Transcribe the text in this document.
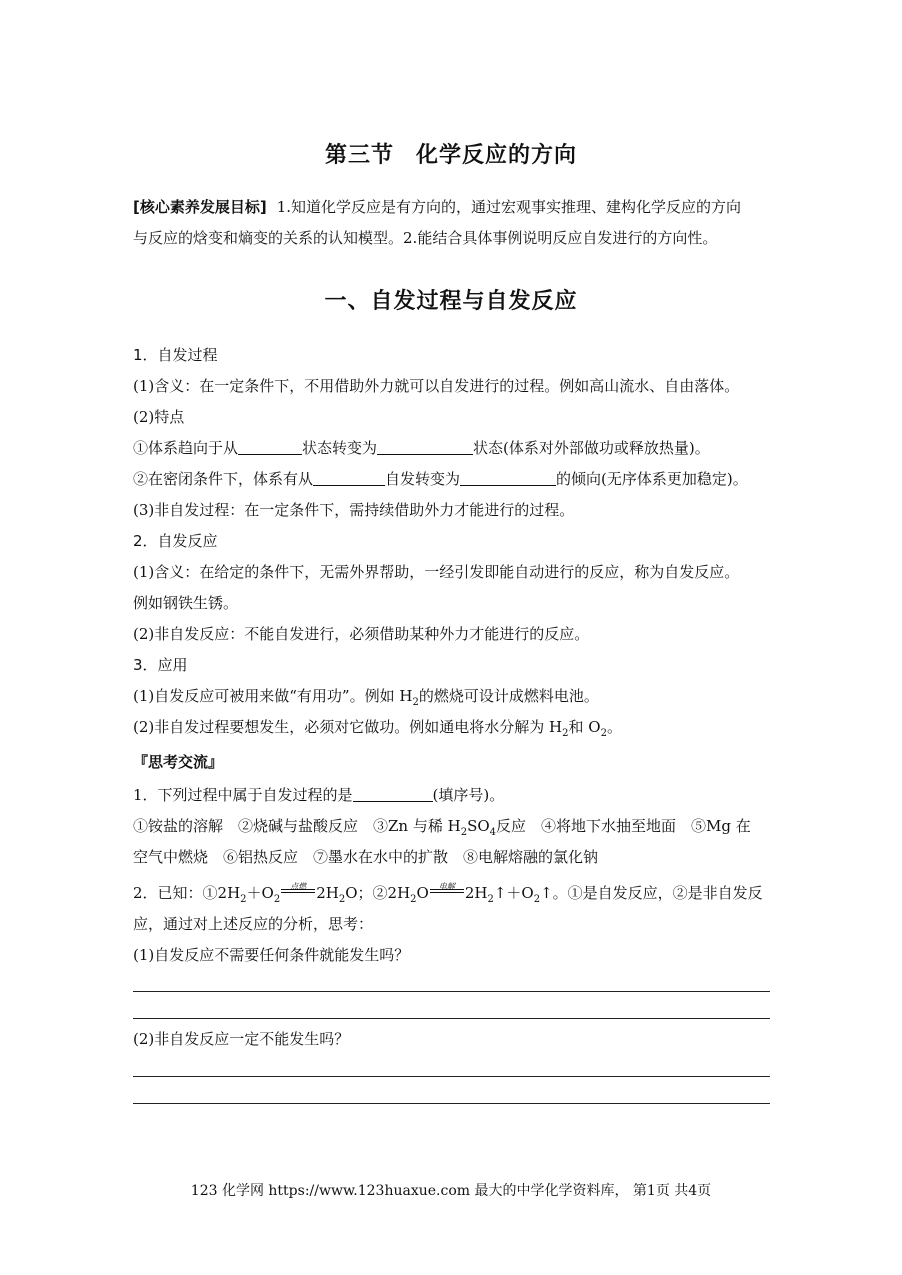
第三节 化学反应的方向
[核心素养发展目标] 1.知道化学反应是有方向的，通过宏观事实推理、建构化学反应的方向
与反应的焓变和熵变的关系的认知模型。2.能结合具体事例说明反应自发进行的方向性。
一、自发过程与自发反应
1．自发过程
(1)含义：在一定条件下，不用借助外力就可以自发进行的过程。例如高山流水、自由落体。
(2)特点
①体系趋向于从	状态转变为	状态(体系对外部做功或释放热量)。
②在密闭条件下，体系有从	自发转变为	的倾向(无序体系更加稳定)。
(3)非自发过程：在一定条件下，需持续借助外力才能进行的过程。
2．自发反应
(1)含义：在给定的条件下，无需外界帮助，一经引发即能自动进行的反应，称为自发反应。
例如钢铁生锈。
(2)非自发反应：不能自发进行，必须借助某种外力才能进行的反应。
3．应用
(1)自发反应可被用来做“有用功”。例如 $H_2$的燃烧可设计成燃料电池。
(2)非自发过程要想发生，必须对它做功。例如通电将水分解为 $H_2$和 $O_2$。
『思考交流』
1．下列过程中属于自发过程的是	(填序号)。
①铵盐的溶解　②烧碱与盐酸反应　③Zn 与稀 $H_2SO_4$反应　④将地下水抽至地面　⑤Mg 在
空气中燃烧　⑥铝热反应　⑦墨水在水中的扩散　⑧电解熔融的氯化钠
2．已知：$①2H_2+O_2$
点燃 $2H_2O$；$②2H_2O$	电解 $2H_2↑+O_2↑$。①是自发反应，②是非自发反
应，通过对上述反应的分析，思考：
(1)自发反应不需要任何条件就能发生吗？
(2)非自发反应一定不能发生吗？
123 化学网 https://www.123huaxue.com 最大的中学化学资料库， 第1页 共4页
